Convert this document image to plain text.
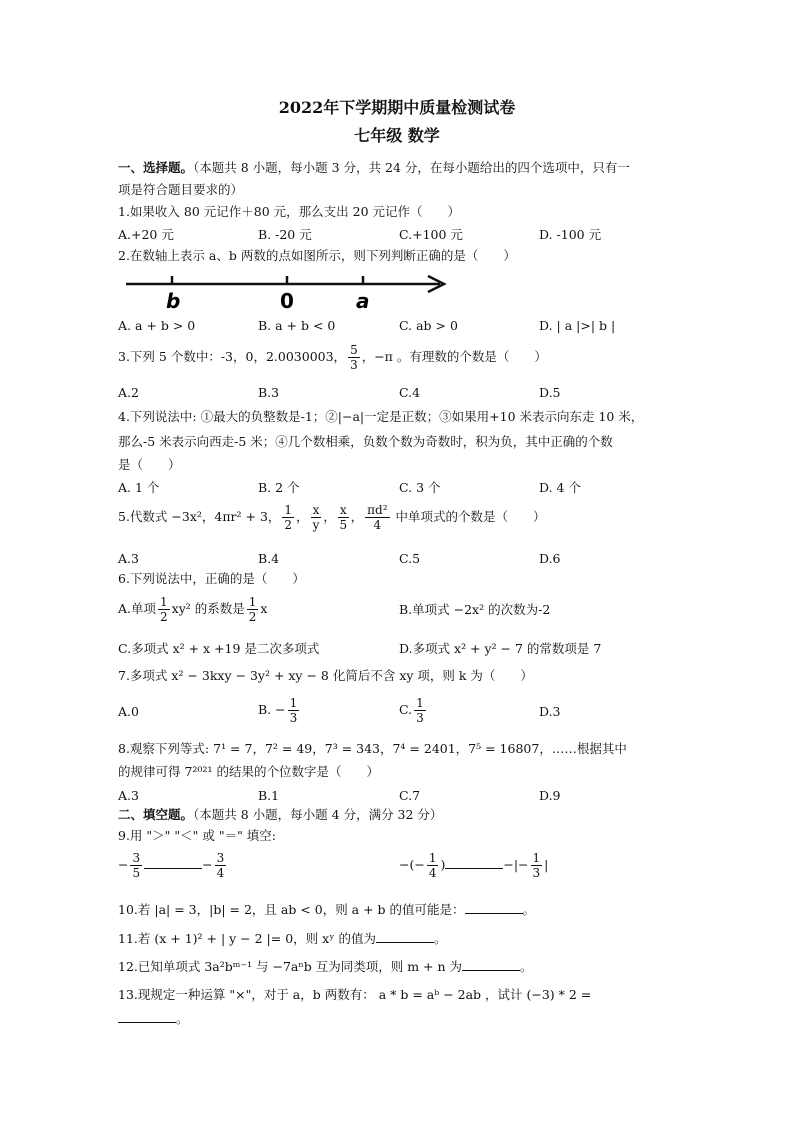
2022年下学期期中质量检测试卷
七年级 数学
一、选择题。（本题共 8 小题，每小题 3 分，共 24 分，在每小题给出的四个选项中，只有一
项是符合题目要求的）
1.如果收入 80 元记作＋80 元，那么支出 20 元记作（　　）
A.+20 元	B. -20 元	C.+100 元	D. -100 元
2.在数轴上表示 a、b 两数的点如图所示，则下列判断正确的是（　　）
b	0	a
A. a + b > 0	B. a + b < 0	C. ab > 0	D. | a |>| b |
3.下列 5 个数中：-3，0，2.0030003， $\frac{5}{3}$ ，−π 。有理数的个数是（　　）
A.2	B.3	C.4	D.5
4.下列说法中: ①最大的负整数是-1；②|−a|一定是正数；③如果用+10 米表示向东走 10 米，
那么-5 米表示向西走-5 米；④几个数相乘，负数个数为奇数时，积为负，其中正确的个数
是（　　）
A. 1 个	B. 2 个	C. 3 个	D. 4 个
5.代数式 −3x²，4πr² + 3， $\frac{1}{2}$ ， $\frac{x}{y}$ ， $\frac{x}{5}$ ， $\frac{\text{πd²}}{4}$ 中单项式的个数是（　　）
A.3	B.4	C.5	D.6
6.下列说法中，正确的是（　　）
A.单项 $\frac{1}{2} xy^2$ 的系数是 $\frac{1}{2}$ x	B.单项式 −2x² 的次数为-2
C.多项式 x² + x +19 是二次多项式	D.多项式 x² + y² − 7 的常数项是 7
7.多项式 x² − 3kxy − 3y² + xy − 8 化简后不含 xy 项，则 k 为（　　）
A.0	B. − $\frac{1}{3}$	C. $\frac{1}{3}$	D.3
8.观察下列等式: 7¹ = 7，7² = 49，7³ = 343，7⁴ = 2401，7⁵ = 16807，……根据其中
的规律可得 7²⁰²¹ 的结果的个位数字是（　　）
A.3	B.1	C.7	D.9
二、填空题。（本题共 8 小题，每小题 4 分，满分 32 分）
9.用 "＞" "＜" 或 "＝" 填空:
− $\frac{3}{5}$	− $\frac{3}{4}$	−(− $\frac{1}{4}$ )	−|− $\frac{1}{3}$ |
10.若 |a| = 3，|b| = 2，且 ab < 0，则 a + b 的值可能是：	。
11.若 (x + 1)² + | y − 2 |= 0，则 xʸ 的值为	。
12.已知单项式 3a²bᵐ⁻¹ 与 −7aⁿb 互为同类项，则 m + n 为	。
13.现规定一种运算 "×"，对于 a，b 两数有： a * b = aᵇ − 2ab ，试计 (−3) * 2 =
。
